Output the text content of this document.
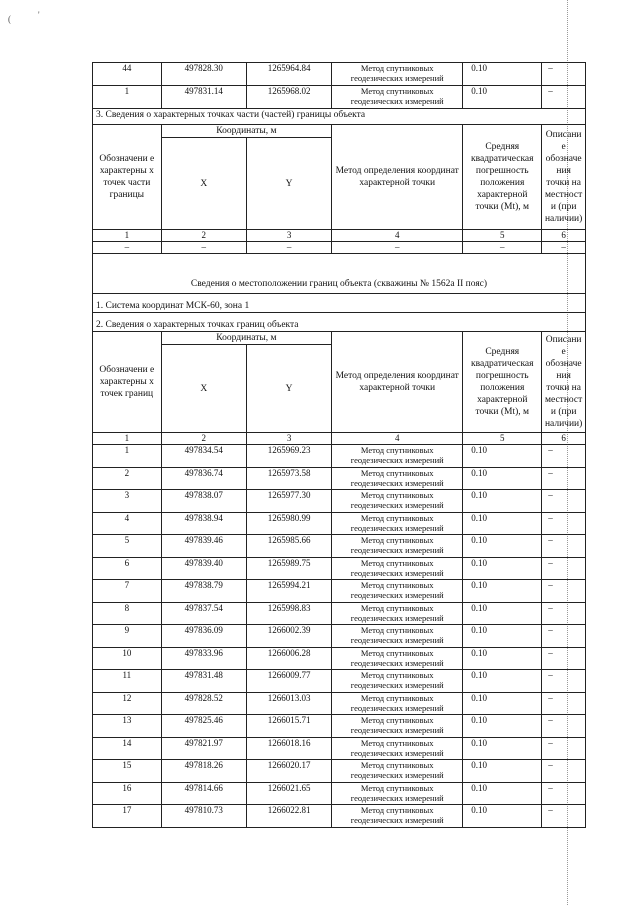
(	'
44	497828.30	1265964.84	Метод спутниковых геодезических измерений	0.10	–
1	497831.14	1265968.02	Метод спутниковых геодезических измерений	0.10	–
3. Сведения о характерных точках части (частей) границы объекта					
Обозначени е характерны х точек части границы	Координаты, м		Метод определения координат характерной точки	Средняя квадратическая погрешность положения характерной точки (Mt), м	Описани е обозначе ния точки на местност и (при наличии)
	X	Y			
1	2	3	4	5	6
–	–	–	–	–	–

Сведения о местоположении границ объекта (скважины № 1562а II пояс)					
1. Система координат МСК-60, зона 1					
2. Сведения о характерных точках границ объекта					
Обозначени е характерны х точек границ	Координаты, м		Метод определения координат характерной точки	Средняя квадратическая погрешность положения характерной точки (Mt), м	Описани е обозначе ния точки на местност и (при наличии)
	X	Y			
1	2	3	4	5	6
1	497834.54	1265969.23	Метод спутниковых геодезических измерений	0.10	–
2	497836.74	1265973.58	Метод спутниковых геодезических измерений	0.10	–
3	497838.07	1265977.30	Метод спутниковых геодезических измерений	0.10	–
4	497838.94	1265980.99	Метод спутниковых геодезических измерений	0.10	–
5	497839.46	1265985.66	Метод спутниковых геодезических измерений	0.10	–
6	497839.40	1265989.75	Метод спутниковых геодезических измерений	0.10	–
7	497838.79	1265994.21	Метод спутниковых геодезических измерений	0.10	–
8	497837.54	1265998.83	Метод спутниковых геодезических измерений	0.10	–
9	497836.09	1266002.39	Метод спутниковых геодезических измерений	0.10	–
10	497833.96	1266006.28	Метод спутниковых геодезических измерений	0.10	–
11	497831.48	1266009.77	Метод спутниковых геодезических измерений	0.10	–
12	497828.52	1266013.03	Метод спутниковых геодезических измерений	0.10	–
13	497825.46	1266015.71	Метод спутниковых геодезических измерений	0.10	–
14	497821.97	1266018.16	Метод спутниковых геодезических измерений	0.10	–
15	497818.26	1266020.17	Метод спутниковых геодезических измерений	0.10	–
16	497814.66	1266021.65	Метод спутниковых геодезических измерений	0.10	–
17	497810.73	1266022.81	Метод спутниковых геодезических измерений	0.10	–
